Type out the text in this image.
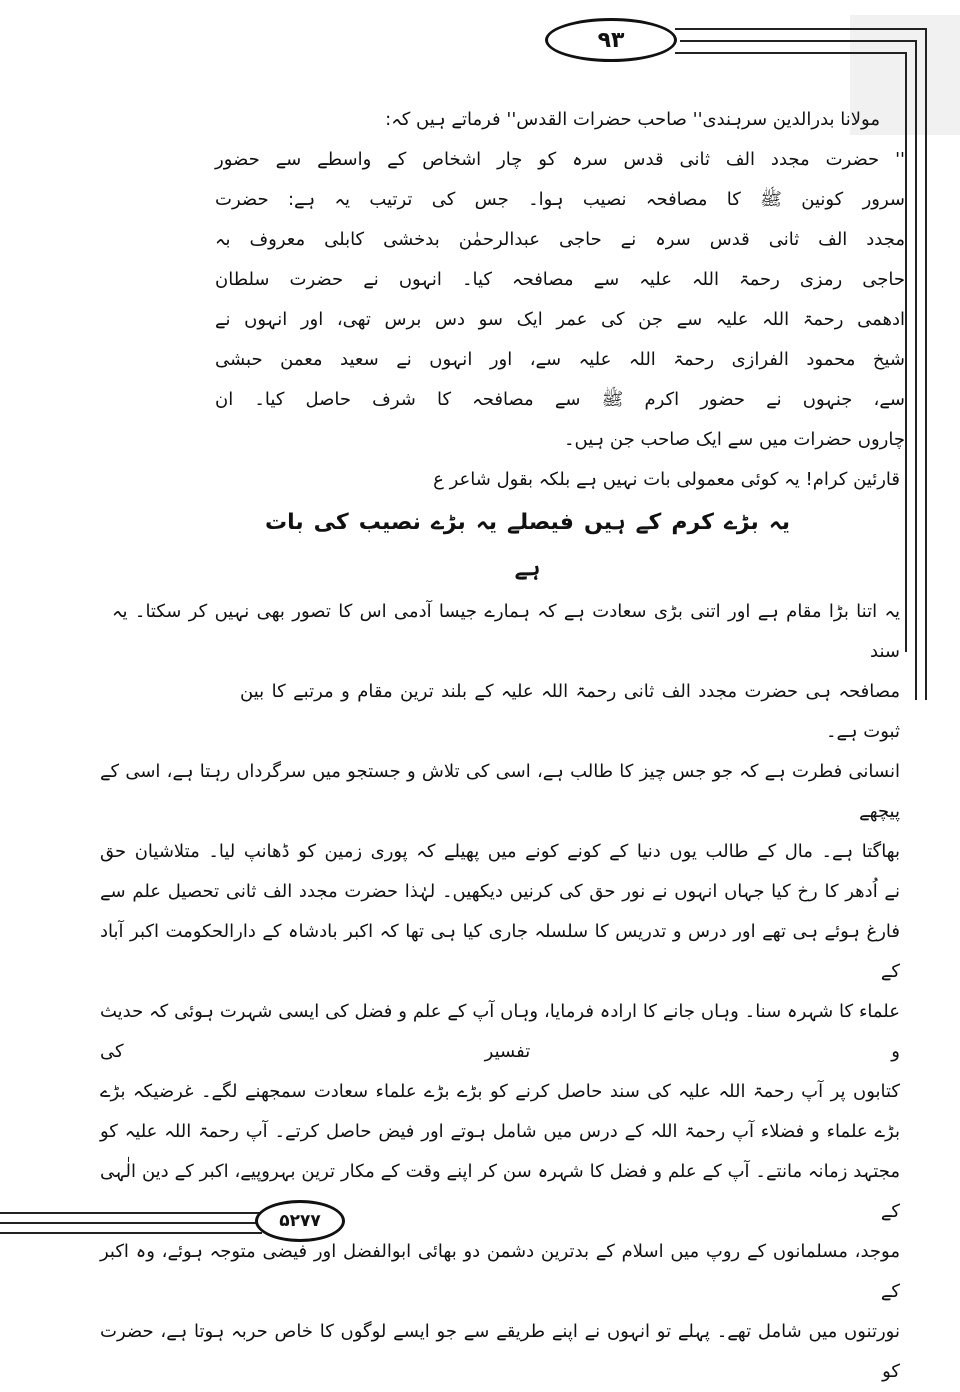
۹۳
۵۲۷۷
مولانا بدرالدین سرہندی'' صاحب حضرات القدس'' فرماتے ہیں کہ:
'' حضرت مجدد الف ثانی قدس سرہ کو چار اشخاص کے واسطے سے حضور
سرور کونین ﷺ کا مصافحہ نصیب ہوا۔ جس کی ترتیب یہ ہے: حضرت
مجدد الف ثانی قدس سرہ نے حاجی عبدالرحمٰن بدخشی کابلی معروف بہ
حاجی رمزی رحمۃ اللہ علیہ سے مصافحہ کیا۔ انہوں نے حضرت سلطان
ادھمی رحمۃ اللہ علیہ سے جن کی عمر ایک سو دس برس تھی، اور انہوں نے
شیخ محمود الفرازی رحمۃ اللہ علیہ سے، اور انہوں نے سعید معمن حبشی
سے، جنہوں نے حضور اکرم ﷺ سے مصافحہ کا شرف حاصل کیا۔ ان
چاروں حضرات میں سے ایک صاحب جن ہیں۔
قارئین کرام! یہ کوئی معمولی بات نہیں ہے بلکہ بقول شاعر ع
یہ بڑے کرم کے ہیں فیصلے یہ بڑے نصیب کی بات ہے
یہ اتنا بڑا مقام ہے اور اتنی بڑی سعادت ہے کہ ہمارے جیسا آدمی اس کا تصور بھی نہیں کر سکتا۔ یہ سند
مصافحہ ہی حضرت مجدد الف ثانی رحمۃ اللہ علیہ کے بلند ترین مقام و مرتبے کا بین ثبوت ہے۔
انسانی فطرت ہے کہ جو جس چیز کا طالب ہے، اسی کی تلاش و جستجو میں سرگرداں رہتا ہے، اسی کے پیچھے
بھاگتا ہے۔ مال کے طالب یوں دنیا کے کونے کونے میں پھیلے کہ پوری زمین کو ڈھانپ لیا۔ متلاشیان حق
نے اُدھر کا رخ کیا جہاں انہوں نے نور حق کی کرنیں دیکھیں۔ لہٰذا حضرت مجدد الف ثانی تحصیل علم سے
فارغ ہوئے ہی تھے اور درس و تدریس کا سلسلہ جاری کیا ہی تھا کہ اکبر بادشاہ کے دارالحکومت اکبر آباد کے
علماء کا شہرہ سنا۔ وہاں جانے کا ارادہ فرمایا، وہاں آپ کے علم و فضل کی ایسی شہرت ہوئی کہ حدیث و تفسیر کی
کتابوں پر آپ رحمۃ اللہ علیہ کی سند حاصل کرنے کو بڑے بڑے علماء سعادت سمجھنے لگے۔ غرضیکہ بڑے
بڑے علماء و فضلاء آپ رحمۃ اللہ کے درس میں شامل ہوتے اور فیض حاصل کرتے۔ آپ رحمۃ اللہ علیہ کو
مجتہد زمانہ مانتے۔ آپ کے علم و فضل کا شہرہ سن کر اپنے وقت کے مکار ترین بہروپیے، اکبر کے دین الٰہی کے
موجد، مسلمانوں کے روپ میں اسلام کے بدترین دشمن دو بھائی ابوالفضل اور فیضی متوجہ ہوئے، وہ اکبر کے
نورتنوں میں شامل تھے۔ پہلے تو انہوں نے اپنے طریقے سے جو ایسے لوگوں کا خاص حربہ ہوتا ہے، حضرت کو
